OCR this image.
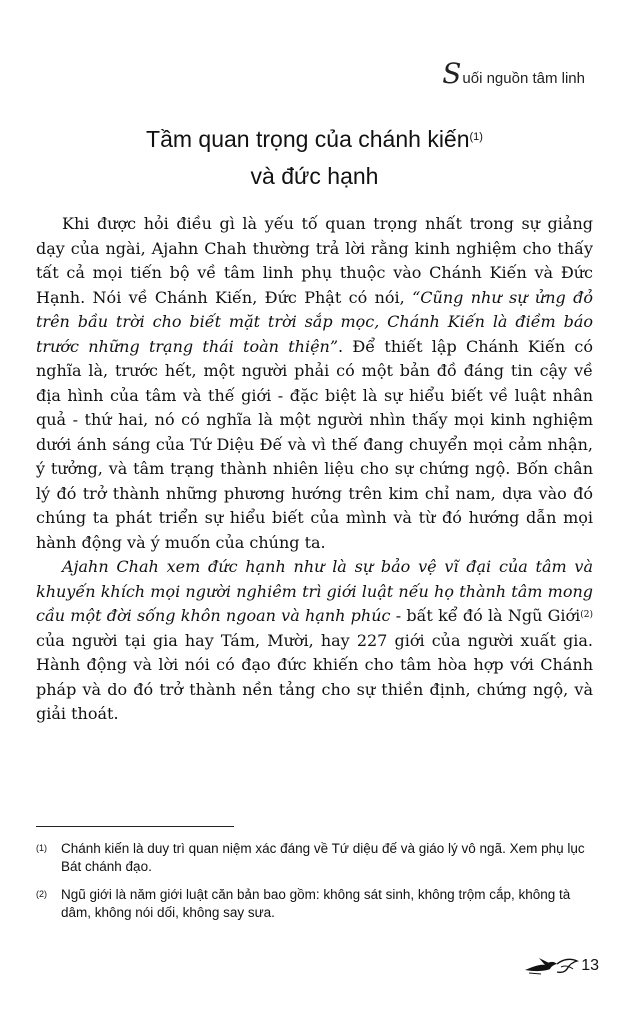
S uối nguồn tâm linh
Tầm quan trọng của chánh kiến$^{(1)}$
và đức hạnh

Khi được hỏi điều gì là yếu tố quan trọng nhất trong sự giảng dạy của ngài, Ajahn Chah thường trả lời rằng kinh nghiệm cho thấy tất cả mọi tiến bộ về tâm linh phụ thuộc vào Chánh Kiến và Đức Hạnh. Nói về Chánh Kiến, Đức Phật có nói, “Cũng như sự ửng đỏ trên bầu trời cho biết mặt trời sắp mọc, Chánh Kiến là điềm báo trước những trạng thái toàn thiện”. Để thiết lập Chánh Kiến có nghĩa là, trước hết, một người phải có một bản đồ đáng tin cậy về địa hình của tâm và thế giới - đặc biệt là sự hiểu biết về luật nhân quả - thứ hai, nó có nghĩa là một người nhìn thấy mọi kinh nghiệm dưới ánh sáng của Tứ Diệu Đế và vì thế đang chuyển mọi cảm nhận, ý tưởng, và tâm trạng thành nhiên liệu cho sự chứng ngộ. Bốn chân lý đó trở thành những phương hướng trên kim chỉ nam, dựa vào đó chúng ta phát triển sự hiểu biết của mình và từ đó hướng dẫn mọi hành động và ý muốn của chúng ta.

Ajahn Chah xem đức hạnh như là sự bảo vệ vĩ đại của tâm và khuyến khích mọi người nghiêm trì giới luật nếu họ thành tâm mong cầu một đời sống khôn ngoan và hạnh phúc - bất kể đó là Ngũ Giới$^{(2)}$ của người tại gia hay Tám, Mười, hay 227 giới của người xuất gia. Hành động và lời nói có đạo đức khiến cho tâm hòa hợp với Chánh pháp và do đó trở thành nền tảng cho sự thiền định, chứng ngộ, và giải thoát.

(1) Chánh kiến là duy trì quan niệm xác đáng về Tứ diệu đế và giáo lý vô ngã. Xem phụ lục Bát chánh đạo.
(2) Ngũ giới là năm giới luật căn bản bao gồm: không sát sinh, không trộm cắp, không tà dâm, không nói dối, không say sưa.
13
